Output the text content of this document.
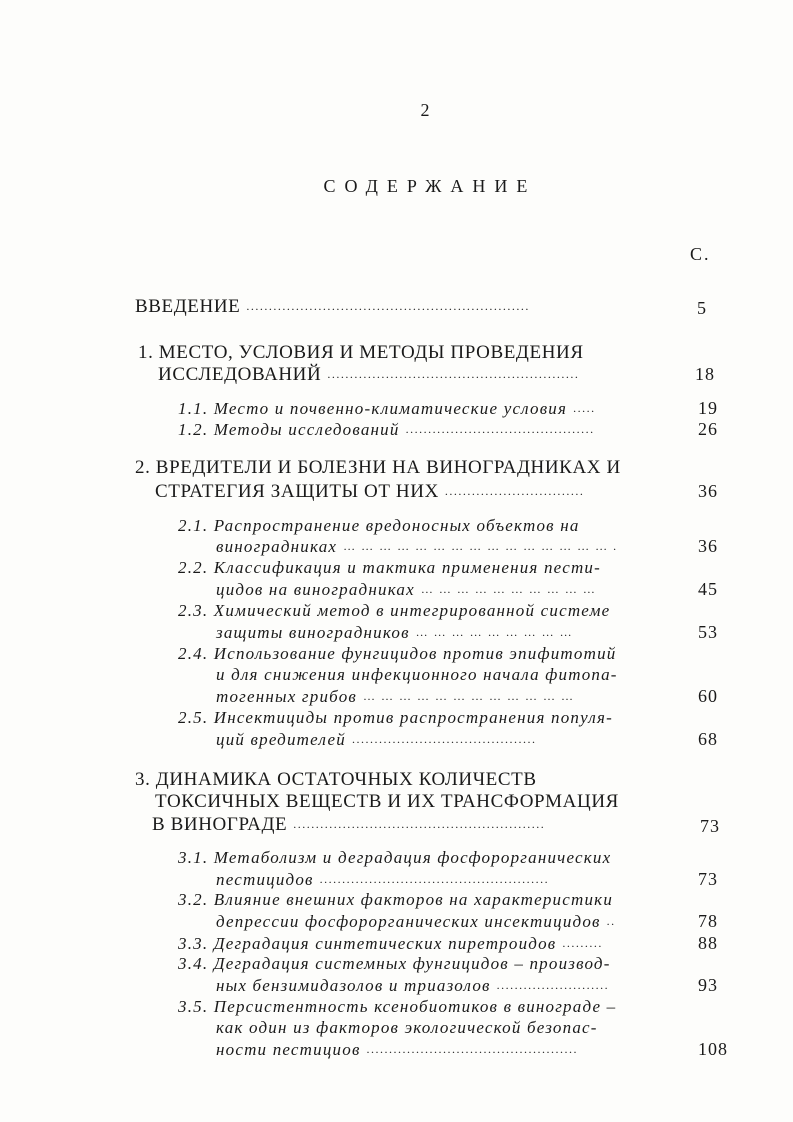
2
СОДЕРЖАНИЕ
С.
ВВЕДЕНИЕ ...............................................................	5
1. МЕСТО, УСЛОВИЯ И МЕТОДЫ ПРОВЕДЕНИЯ
ИССЛЕДОВАНИЙ ........................................................	18
1.1. Место и почвенно-климатические условия .....	19
1.2. Методы исследований ..........................................	26
2. ВРЕДИТЕЛИ И БОЛЕЗНИ НА ВИНОГРАДНИКАХ И
СТРАТЕГИЯ ЗАЩИТЫ ОТ НИХ ...............................	36
2.1. Распространение вредоносных объектов на
виноградниках … … … … … … … … … … … … … … … .	36
2.2. Классификация и тактика применения пести-
цидов на виноградниках … … … … … … … … … …	45
2.3. Химический метод в интегрированной системе
защиты виноградников … … … … … … … … …	53
2.4. Использование фунгицидов против эпифитотий
и для снижения инфекционного начала фитопа-
тогенных грибов … … … … … … … … … … … …	60
2.5. Инсектициды против распространения популя-
ций вредителей .........................................	68
3. ДИНАМИКА ОСТАТОЧНЫХ КОЛИЧЕСТВ
ТОКСИЧНЫХ ВЕЩЕСТВ И ИХ ТРАНСФОРМАЦИЯ
В ВИНОГРАДЕ ........................................................	73
3.1. Метаболизм и деградация фосфорорганических
пестицидов ...................................................	73
3.2. Влияние внешних факторов на характеристики
депрессии фосфорорганических инсектицидов ..	78
3.3. Деградация синтетических пиретроидов .........	88
3.4. Деградация системных фунгицидов – производ-
ных бензимидазолов и триазолов .........................	93
3.5. Персистентность ксенобиотиков в винограде –
как один из факторов экологической безопас-
ности пестициов ...............................................	108
